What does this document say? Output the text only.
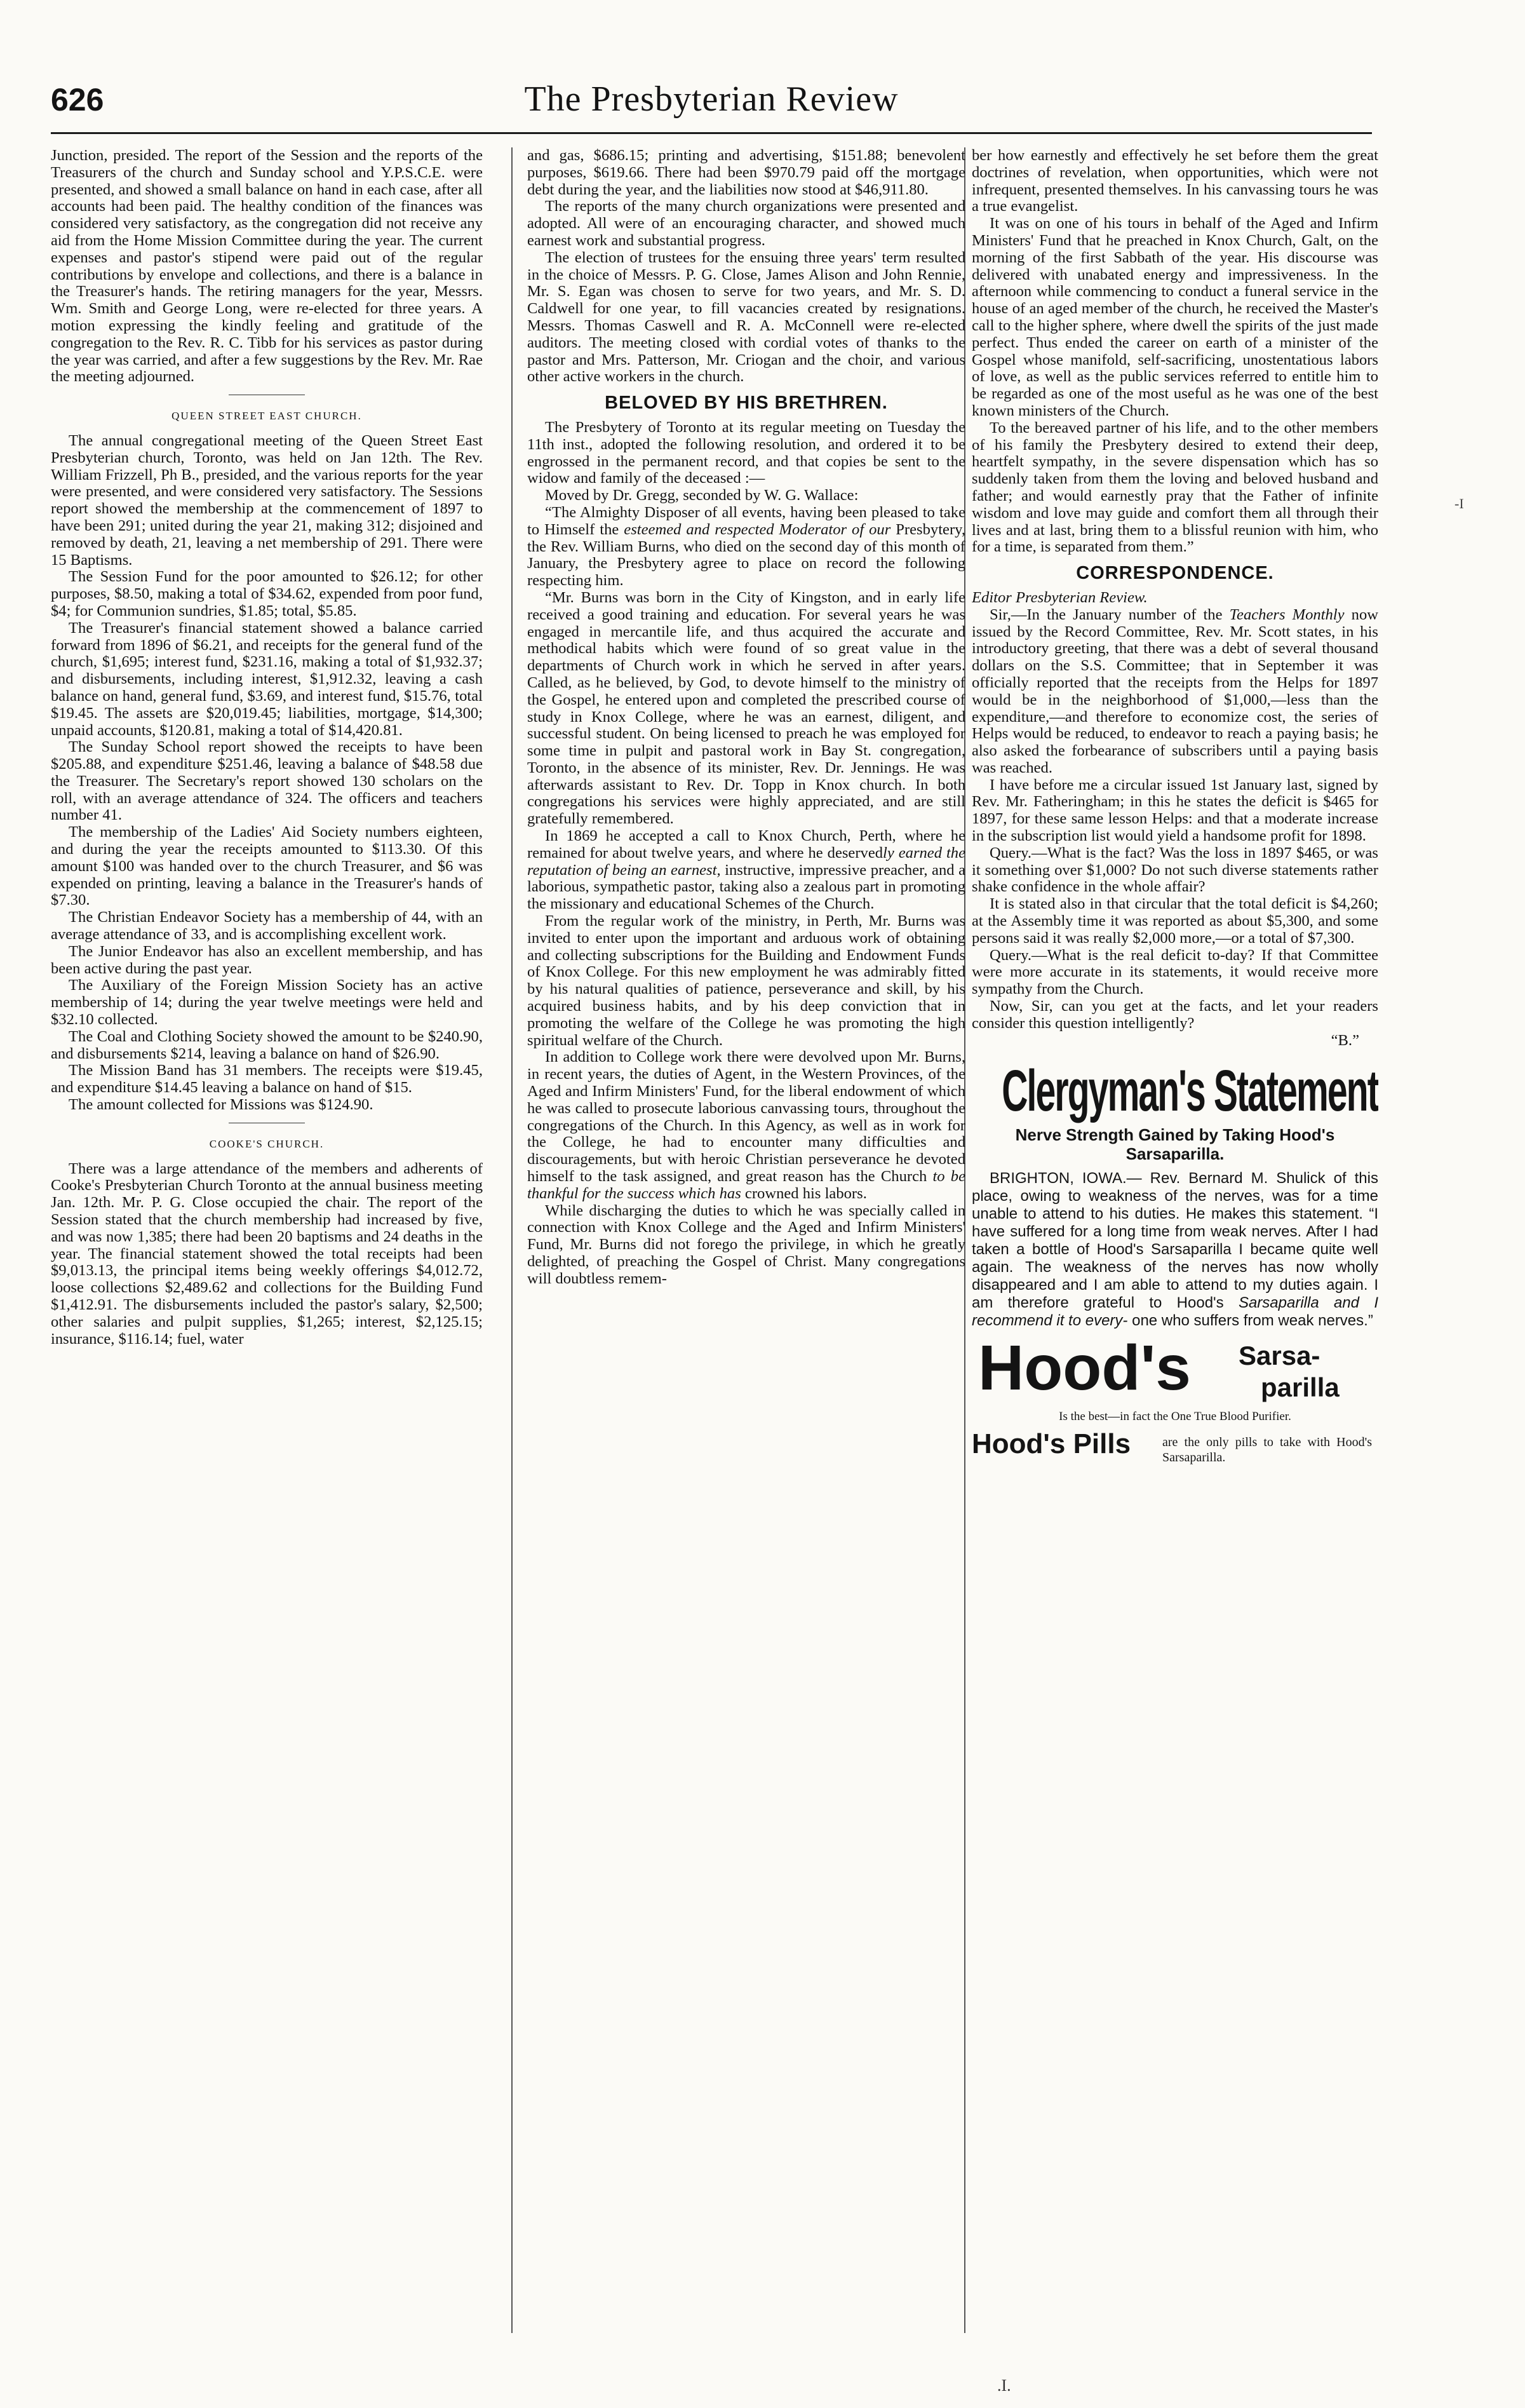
626	The Presbyterian Review

Junction, presided. The report of the Session and the reports of the Treasurers of the church and Sunday school and Y.P.S.C.E. were presented, and showed a small balance on hand in each case, after all accounts had been paid. The healthy condition of the finances was considered very satisfactory, as the congregation did not receive any aid from the Home Mission Committee during the year. The current expenses and pastor's stipend were paid out of the regular contributions by envelope and collections, and there is a balance in the Treasurer's hands. The retiring managers for the year, Messrs. Wm. Smith and George Long, were re-elected for three years. A motion expressing the kindly feeling and gratitude of the congregation to the Rev. R. C. Tibb for his services as pastor during the year was carried, and after a few suggestions by the Rev. Mr. Rae the meeting adjourned.

QUEEN STREET EAST CHURCH.

The annual congregational meeting of the Queen Street East Presbyterian church, Toronto, was held on Jan 12th. The Rev. William Frizzell, Ph B., presided, and the various reports for the year were presented, and were considered very satisfactory. The Sessions report showed the membership at the commencement of 1897 to have been 291; united during the year 21, making 312; disjoined and removed by death, 21, leaving a net membership of 291. There were 15 Baptisms.

The Session Fund for the poor amounted to $26.12; for other purposes, $8.50, making a total of $34.62, expended from poor fund, $4; for Communion sundries, $1.85; total, $5.85.

The Treasurer's financial statement showed a balance carried forward from 1896 of $6.21, and receipts for the general fund of the church, $1,695; interest fund, $231.16, making a total of $1,932.37; and disbursements, including interest, $1,912.32, leaving a cash balance on hand, general fund, $3.69, and interest fund, $15.76, total $19.45. The assets are $20,019.45; liabilities, mortgage, $14,300; unpaid accounts, $120.81, making a total of $14,420.81.

The Sunday School report showed the receipts to have been $205.88, and expenditure $251.46, leaving a balance of $48.58 due the Treasurer. The Secretary's report showed 130 scholars on the roll, with an average attendance of 324. The officers and teachers number 41.

The membership of the Ladies' Aid Society numbers eighteen, and during the year the receipts amounted to $113.30. Of this amount $100 was handed over to the church Treasurer, and $6 was expended on printing, leaving a balance in the Treasurer's hands of $7.30.

The Christian Endeavor Society has a membership of 44, with an average attendance of 33, and is accomplishing excellent work.

The Junior Endeavor has also an excellent membership, and has been active during the past year.

The Auxiliary of the Foreign Mission Society has an active membership of 14; during the year twelve meetings were held and $32.10 collected.

The Coal and Clothing Society showed the amount to be $240.90, and disbursements $214, leaving a balance on hand of $26.90.

The Mission Band has 31 members. The receipts were $19.45, and expenditure $14.45 leaving a balance on hand of $15.

The amount collected for Missions was $124.90.

COOKE'S CHURCH.

There was a large attendance of the members and adherents of Cooke's Presbyterian Church Toronto at the annual business meeting Jan. 12th. Mr. P. G. Close occupied the chair. The report of the Session stated that the church membership had increased by five, and was now 1,385; there had been 20 baptisms and 24 deaths in the year. The financial statement showed the total receipts had been $9,013.13, the principal items being weekly offerings $4,012.72, loose collections $2,489.62 and collections for the Building Fund $1,412.91. The disbursements included the pastor's salary, $2,500; other salaries and pulpit supplies, $1,265; interest, $2,125.15; insurance, $116.14; fuel, water

and gas, $686.15; printing and advertising, $151.88; benevolent purposes, $619.66. There had been $970.79 paid off the mortgage debt during the year, and the liabilities now stood at $46,911.80.

The reports of the many church organizations were presented and adopted. All were of an encouraging character, and showed much earnest work and substantial progress.

The election of trustees for the ensuing three years' term resulted in the choice of Messrs. P. G. Close, James Alison and John Rennie, Mr. S. Egan was chosen to serve for two years, and Mr. S. D. Caldwell for one year, to fill vacancies created by resignations. Messrs. Thomas Caswell and R. A. McConnell were re-elected auditors. The meeting closed with cordial votes of thanks to the pastor and Mrs. Patterson, Mr. Criogan and the choir, and various other active workers in the church.

BELOVED BY HIS BRETHREN.

The Presbytery of Toronto at its regular meeting on Tuesday the 11th inst., adopted the following resolution, and ordered it to be engrossed in the permanent record, and that copies be sent to the widow and family of the deceased :—

Moved by Dr. Gregg, seconded by W. G. Wallace:

“The Almighty Disposer of all events, having been pleased to take to Himself the esteemed and respected Moderator of our Presbytery, the Rev. William Burns, who died on the second day of this month of January, the Presbytery agree to place on record the following respecting him.

“Mr. Burns was born in the City of Kingston, and in early life received a good training and education. For several years he was engaged in mercantile life, and thus acquired the accurate and methodical habits which were found of so great value in the departments of Church work in which he served in after years. Called, as he believed, by God, to devote himself to the ministry of the Gospel, he entered upon and completed the prescribed course of study in Knox College, where he was an earnest, diligent, and successful student. On being licensed to preach he was employed for some time in pulpit and pastoral work in Bay St. congregation, Toronto, in the absence of its minister, Rev. Dr. Jennings. He was afterwards assistant to Rev. Dr. Topp in Knox church. In both congregations his services were highly appreciated, and are still gratefully remembered.

In 1869 he accepted a call to Knox Church, Perth, where he remained for about twelve years, and where he deservedly earned the reputation of being an earnest, instructive, impressive preacher, and a laborious, sympathetic pastor, taking also a zealous part in promoting the missionary and educational Schemes of the Church.

From the regular work of the ministry, in Perth, Mr. Burns was invited to enter upon the important and arduous work of obtaining and collecting subscriptions for the Building and Endowment Funds of Knox College. For this new employment he was admirably fitted by his natural qualities of patience, perseverance and skill, by his acquired business habits, and by his deep conviction that in promoting the welfare of the College he was promoting the high spiritual welfare of the Church.

In addition to College work there were devolved upon Mr. Burns, in recent years, the duties of Agent, in the Western Provinces, of the Aged and Infirm Ministers' Fund, for the liberal endowment of which he was called to prosecute laborious canvassing tours, throughout the congregations of the Church. In this Agency, as well as in work for the College, he had to encounter many difficulties and discouragements, but with heroic Christian perseverance he devoted himself to the task assigned, and great reason has the Church to be thankful for the success which has crowned his labors.

While discharging the duties to which he was specially called in connection with Knox College and the Aged and Infirm Ministers' Fund, Mr. Burns did not forego the privilege, in which he greatly delighted, of preaching the Gospel of Christ. Many congregations will doubtless remem-

ber how earnestly and effectively he set before them the great doctrines of revelation, when opportunities, which were not infrequent, presented themselves. In his canvassing tours he was a true evangelist.

It was on one of his tours in behalf of the Aged and Infirm Ministers' Fund that he preached in Knox Church, Galt, on the morning of the first Sabbath of the year. His discourse was delivered with unabated energy and impressiveness. In the afternoon while commencing to conduct a funeral service in the house of an aged member of the church, he received the Master's call to the higher sphere, where dwell the spirits of the just made perfect. Thus ended the career on earth of a minister of the Gospel whose manifold, self-sacrificing, unostentatious labors of love, as well as the public services referred to entitle him to be regarded as one of the most useful as he was one of the best known ministers of the Church.

To the bereaved partner of his life, and to the other members of his family the Presbytery desired to extend their deep, heartfelt sympathy, in the severe dispensation which has so suddenly taken from them the loving and beloved husband and father; and would earnestly pray that the Father of infinite wisdom and love may guide and comfort them all through their lives and at last, bring them to a blissful reunion with him, who for a time, is separated from them.”

CORRESPONDENCE.

Editor Presbyterian Review.

Sir,—In the January number of the Teachers Monthly now issued by the Record Committee, Rev. Mr. Scott states, in his introductory greeting, that there was a debt of several thousand dollars on the S.S. Committee; that in September it was officially reported that the receipts from the Helps for 1897 would be in the neighborhood of $1,000,—less than the expenditure,—and therefore to economize cost, the series of Helps would be reduced, to endeavor to reach a paying basis; he also asked the forbearance of subscribers until a paying basis was reached.

I have before me a circular issued 1st January last, signed by Rev. Mr. Fatheringham; in this he states the deficit is $465 for 1897, for these same lesson Helps: and that a moderate increase in the subscription list would yield a handsome profit for 1898.

Query.—What is the fact? Was the loss in 1897 $465, or was it something over $1,000? Do not such diverse statements rather shake confidence in the whole affair?

It is stated also in that circular that the total deficit is $4,260; at the Assembly time it was reported as about $5,300, and some persons said it was really $2,000 more,—or a total of $7,300.

Query.—What is the real deficit to-day? If that Committee were more accurate in its statements, it would receive more sympathy from the Church.

Now, Sir, can you get at the facts, and let your readers consider this question intelligently?

“B.”

Clergyman's Statement
Nerve Strength Gained by Taking Hood's Sarsaparilla.

BRIGHTON, IOWA.— Rev. Bernard M. Shulick of this place, owing to weakness of the nerves, was for a time unable to attend to his duties. He makes this statement. “I have suffered for a long time from weak nerves. After I had taken a bottle of Hood's Sarsaparilla I became quite well again. The weakness of the nerves has now wholly disappeared and I am able to attend to my duties again. I am therefore grateful to Hood's Sarsaparilla and I recommend it to every- one who suffers from weak nerves.”

Hood's Sarsa-
parilla
Is the best—in fact the One True Blood Purifier.
Hood's Pills are the only pills to take with Hood's Sarsaparilla.
-I
.I.
